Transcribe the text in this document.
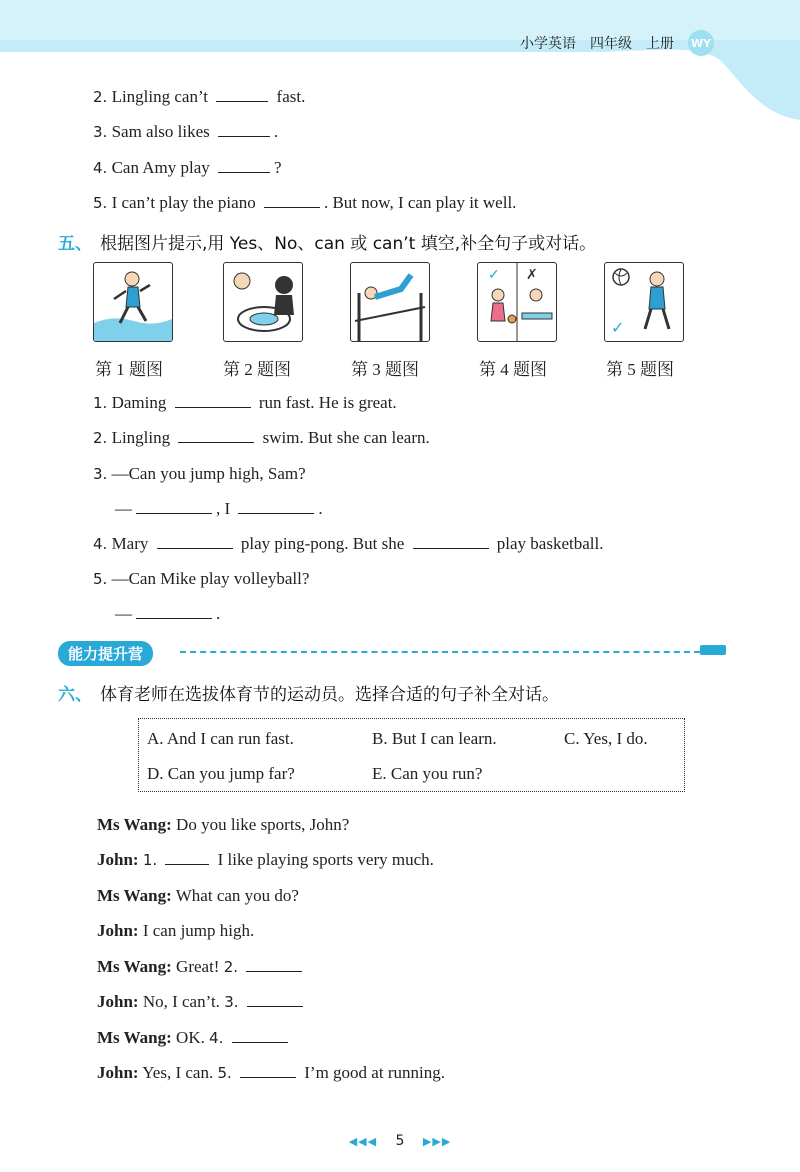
小学英语 四年级 上册 WY
2. Lingling can’t	fast.
3. Sam also likes	.
4. Can Amy play	?
5. I can’t play the piano	. But now, I can play it well.
五、 根据图片提示,用 Yes、No、can 或 can’t 填空,补全句子或对话。
✓ ✗
✓
第 1 题图	第 2 题图	第 3 题图	第 4 题图	第 5 题图
1. Daming	run fast. He is great.
2. Lingling	swim. But she can learn.
3. —Can you jump high, Sam?
—	, I	.
4. Mary	play ping-pong. But she	play basketball.
5. —Can Mike play volleyball?
—	.
能力提升营
六、 体育老师在选拔体育节的运动员。选择合适的句子补全对话。
A. And I can run fast.	B. But I can learn.	C. Yes, I do.
D. Can you jump far?	E. Can you run?
Ms Wang: Do you like sports, John?
John: 1.	I like playing sports very much.
Ms Wang: What can you do?
John: I can jump high.
Ms Wang: Great! 2.
John: No, I can’t. 3.
Ms Wang: OK. 4.
John: Yes, I can. 5.	I’m good at running.
◀◀◀ 5 ▶▶▶
